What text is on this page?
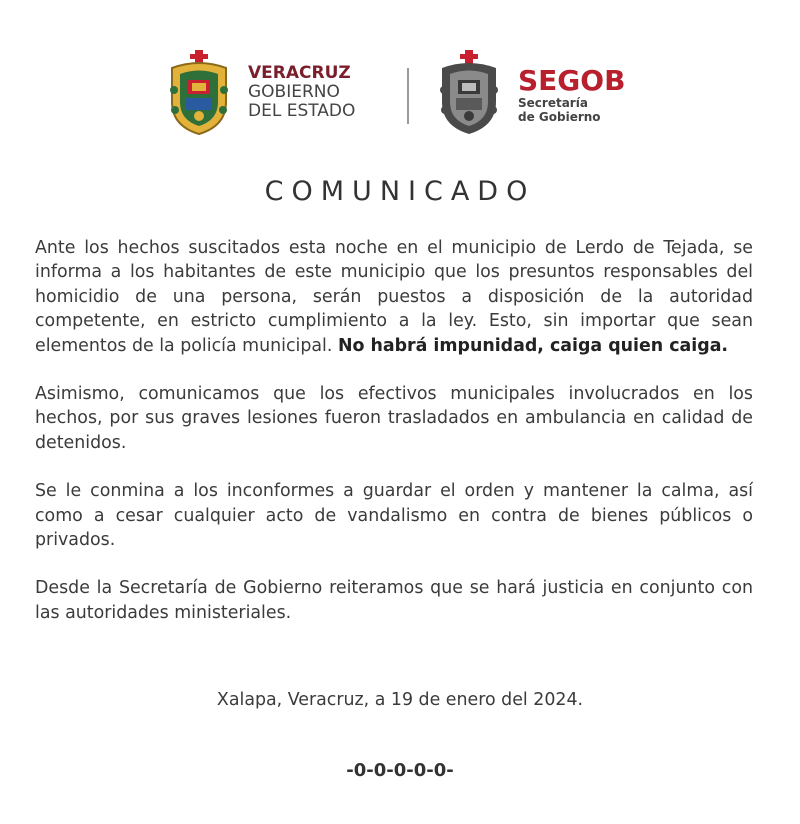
VERACRUZ
GOBIERNO
DEL ESTADO
SEGOB
Secretaría
de Gobierno
COMUNICADO

Ante los hechos suscitados esta noche en el municipio de Lerdo de Tejada, se informa a los habitantes de este municipio que los presuntos responsables del homicidio de una persona, serán puestos a disposición de la autoridad competente, en estricto cumplimiento a la ley. Esto, sin importar que sean elementos de la policía municipal. No habrá impunidad, caiga quien caiga.

Asimismo, comunicamos que los efectivos municipales involucrados en los hechos, por sus graves lesiones fueron trasladados en ambulancia en calidad de detenidos.

Se le conmina a los inconformes a guardar el orden y mantener la calma, así como a cesar cualquier acto de vandalismo en contra de bienes públicos o privados.

Desde la Secretaría de Gobierno reiteramos que se hará justicia en conjunto con las autoridades ministeriales.

Xalapa, Veracruz, a 19 de enero del 2024.
-0-0-0-0-0-
